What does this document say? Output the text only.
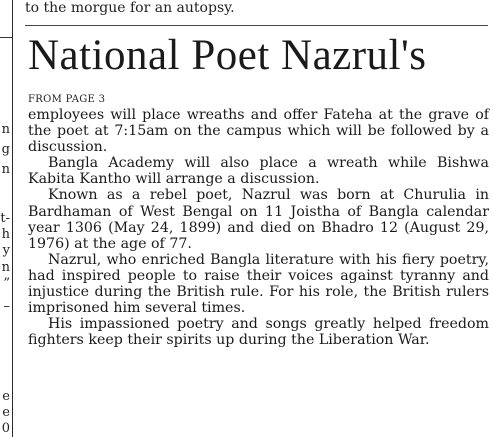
n
g
n
t-
h
y
n
”
–
e
e
0
to the morgue for an autopsy.
National Poet Nazrul's
FROM PAGE 3

employees will place wreaths and offer Fateha at the grave of the poet at 7:15am on the campus which will be followed by a discussion.

Bangla Academy will also place a wreath while Bishwa Kabita Kantho will arrange a discussion.

Known as a rebel poet, Nazrul was born at Churulia in Bardhaman of West Bengal on 11 Joistha of Bangla calendar year 1306 (May 24, 1899) and died on Bhadro 12 (August 29, 1976) at the age of 77.

Nazrul, who enriched Bangla literature with his fiery poetry, had inspired people to raise their voices against tyranny and injustice during the British rule. For his role, the British rulers imprisoned him several times.

His impassioned poetry and songs greatly helped freedom fighters keep their spirits up during the Liberation War.
